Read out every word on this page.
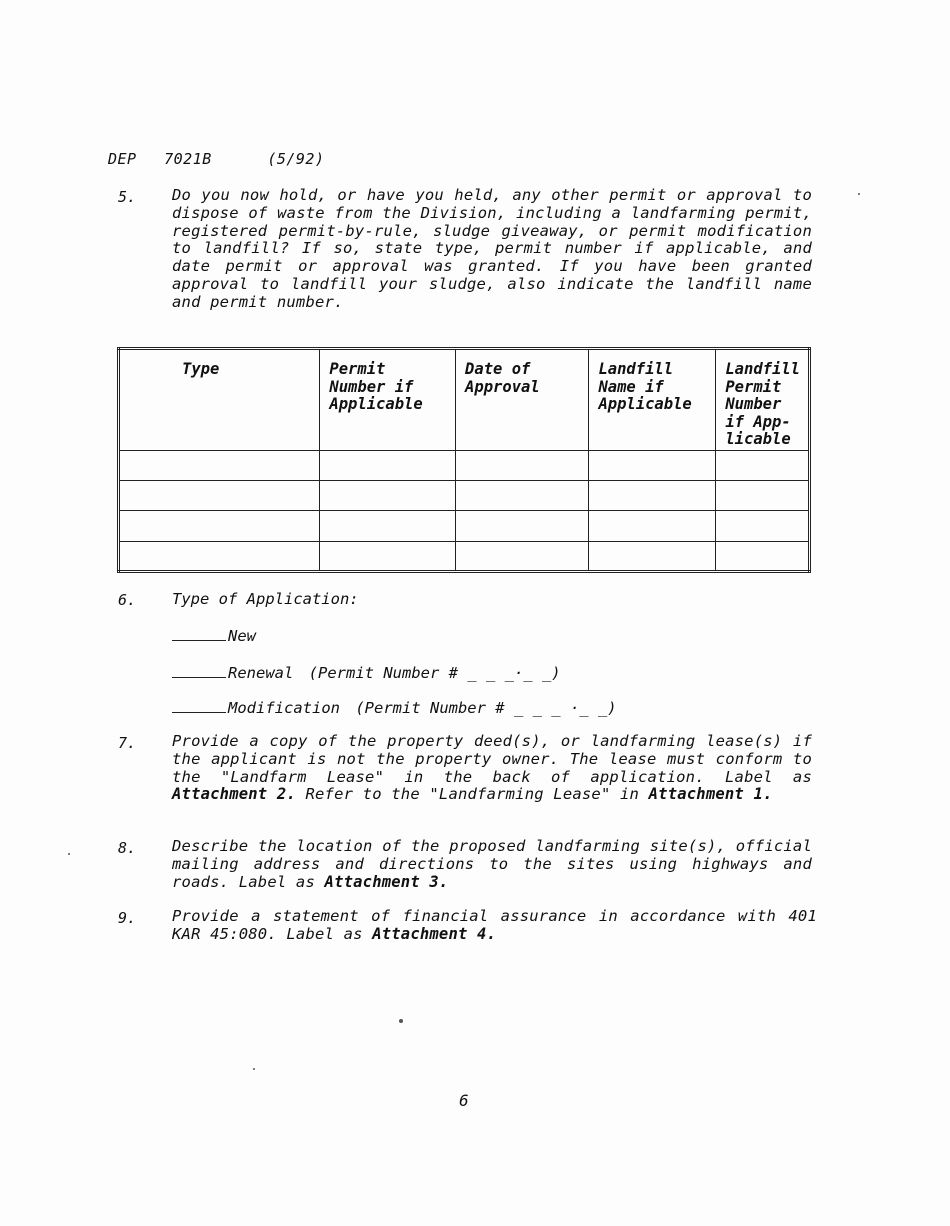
DEP 7021B	(5/92)
5. Do you now hold, or have you held, any other permit or approval to dispose of waste from the Division, including a landfarming permit, registered permit-by-rule, sludge giveaway, or permit modification to landfill? If so, state type, permit number if applicable, and date permit or approval was granted. If you have been granted approval to landfill your sludge, also indicate the landfill name and permit number.
Type	Permit Number if Applicable	Date of Approval	Landfill Name if Applicable	Landfill Permit Number if App-licable

6. Type of Application:
New
Renewal (Permit Number # _ _ _·_ _)
Modification (Permit Number # _ _ _ ·_ _)
7. Provide a copy of the property deed(s), or landfarming lease(s) if the applicant is not the property owner. The lease must conform to the "Landfarm Lease" in the back of application. Label as Attachment 2. Refer to the "Landfarming Lease" in Attachment 1.
8. Describe the location of the proposed landfarming site(s), official mailing address and directions to the sites using highways and roads. Label as Attachment 3.
9. Provide a statement of financial assurance in accordance with 401 KAR 45:080. Label as Attachment 4.
6
